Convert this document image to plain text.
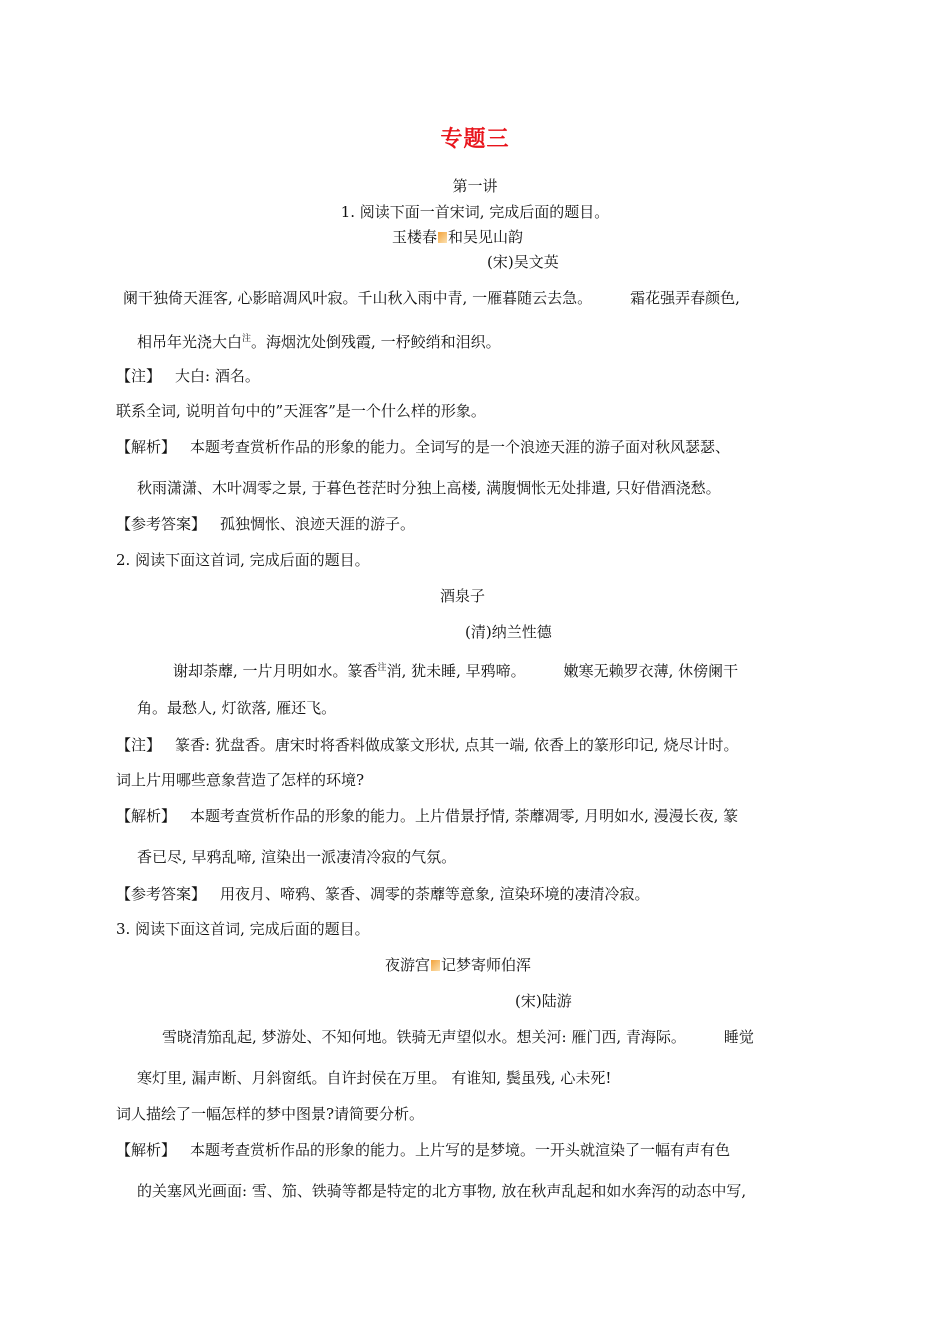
专题三
第一讲
1. 阅读下面一首宋词, 完成后面的题目。
玉楼春 和吴见山韵
(宋)吴文英
阑干独倚天涯客, 心影暗凋风叶寂。千山秋入雨中青, 一雁暮随云去急。	霜花强弄春颜色,
相吊年光浇大白$^注$。海烟沈处倒残霞, 一杼鲛绡和泪织。
【注】 大白: 酒名。
联系全词, 说明首句中的”天涯客”是一个什么样的形象。
【解析】 本题考查赏析作品的形象的能力。全词写的是一个浪迹天涯的游子面对秋风瑟瑟、
秋雨潇潇、木叶凋零之景, 于暮色苍茫时分独上高楼, 满腹惆怅无处排遣, 只好借酒浇愁。
【参考答案】 孤独惆怅、浪迹天涯的游子。
2. 阅读下面这首词, 完成后面的题目。
酒泉子
(清)纳兰性德
谢却荼蘼, 一片月明如水。篆香$^注$消, 犹未睡, 早鸦啼。	嫩寒无赖罗衣薄, 休傍阑干
角。最愁人, 灯欲落, 雁还飞。
【注】 篆香: 犹盘香。唐宋时将香料做成篆文形状, 点其一端, 依香上的篆形印记, 烧尽计时。
词上片用哪些意象营造了怎样的环境?
【解析】 本题考查赏析作品的形象的能力。上片借景抒情, 荼蘼凋零, 月明如水, 漫漫长夜, 篆
香已尽, 早鸦乱啼, 渲染出一派凄清冷寂的气氛。
【参考答案】 用夜月、啼鸦、篆香、凋零的荼蘼等意象, 渲染环境的凄清冷寂。
3. 阅读下面这首词, 完成后面的题目。
夜游宫 记梦寄师伯浑
(宋)陆游
雪晓清笳乱起, 梦游处、不知何地。铁骑无声望似水。想关河: 雁门西, 青海际。	睡觉
寒灯里, 漏声断、月斜窗纸。自许封侯在万里。 有谁知, 鬓虽残, 心未死!
词人描绘了一幅怎样的梦中图景?请简要分析。
【解析】 本题考查赏析作品的形象的能力。上片写的是梦境。一开头就渲染了一幅有声有色
的关塞风光画面: 雪、笳、铁骑等都是特定的北方事物, 放在秋声乱起和如水奔泻的动态中写,
